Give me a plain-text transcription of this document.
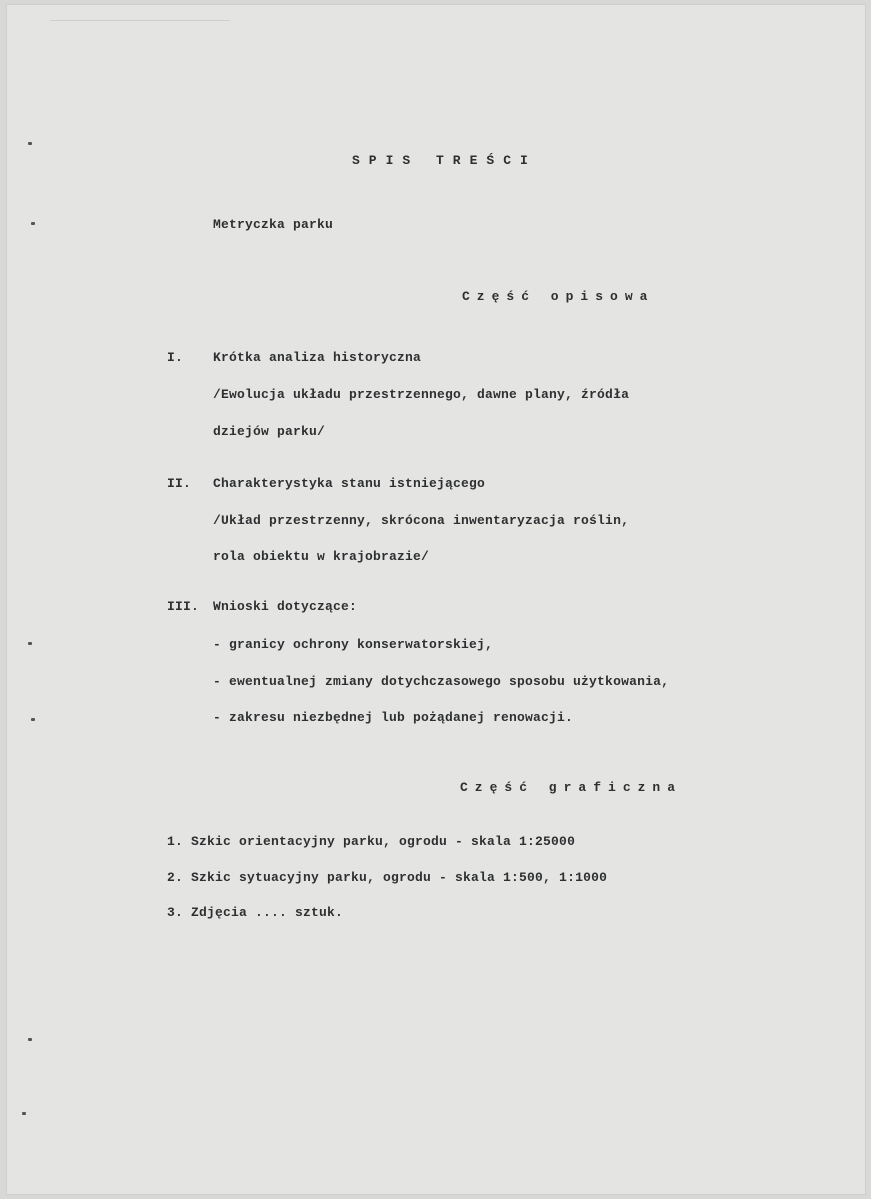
SPIS TREŚCI
Metryczka parku
Część opisowa
I. Krótka analiza historyczna
/Ewolucja układu przestrzennego, dawne plany, źródła
dziejów parku/
II. Charakterystyka stanu istniejącego
/Układ przestrzenny, skrócona inwentaryzacja roślin,
rola obiektu w krajobrazie/
III. Wnioski dotyczące:
- granicy ochrony konserwatorskiej,
- ewentualnej zmiany dotychczasowego sposobu użytkowania,
- zakresu niezbędnej lub pożądanej renowacji.
Część graficzna
1. Szkic orientacyjny parku, ogrodu - skala 1:25000
2. Szkic sytuacyjny parku, ogrodu - skala 1:500, 1:1000
3. Zdjęcia .... sztuk.
